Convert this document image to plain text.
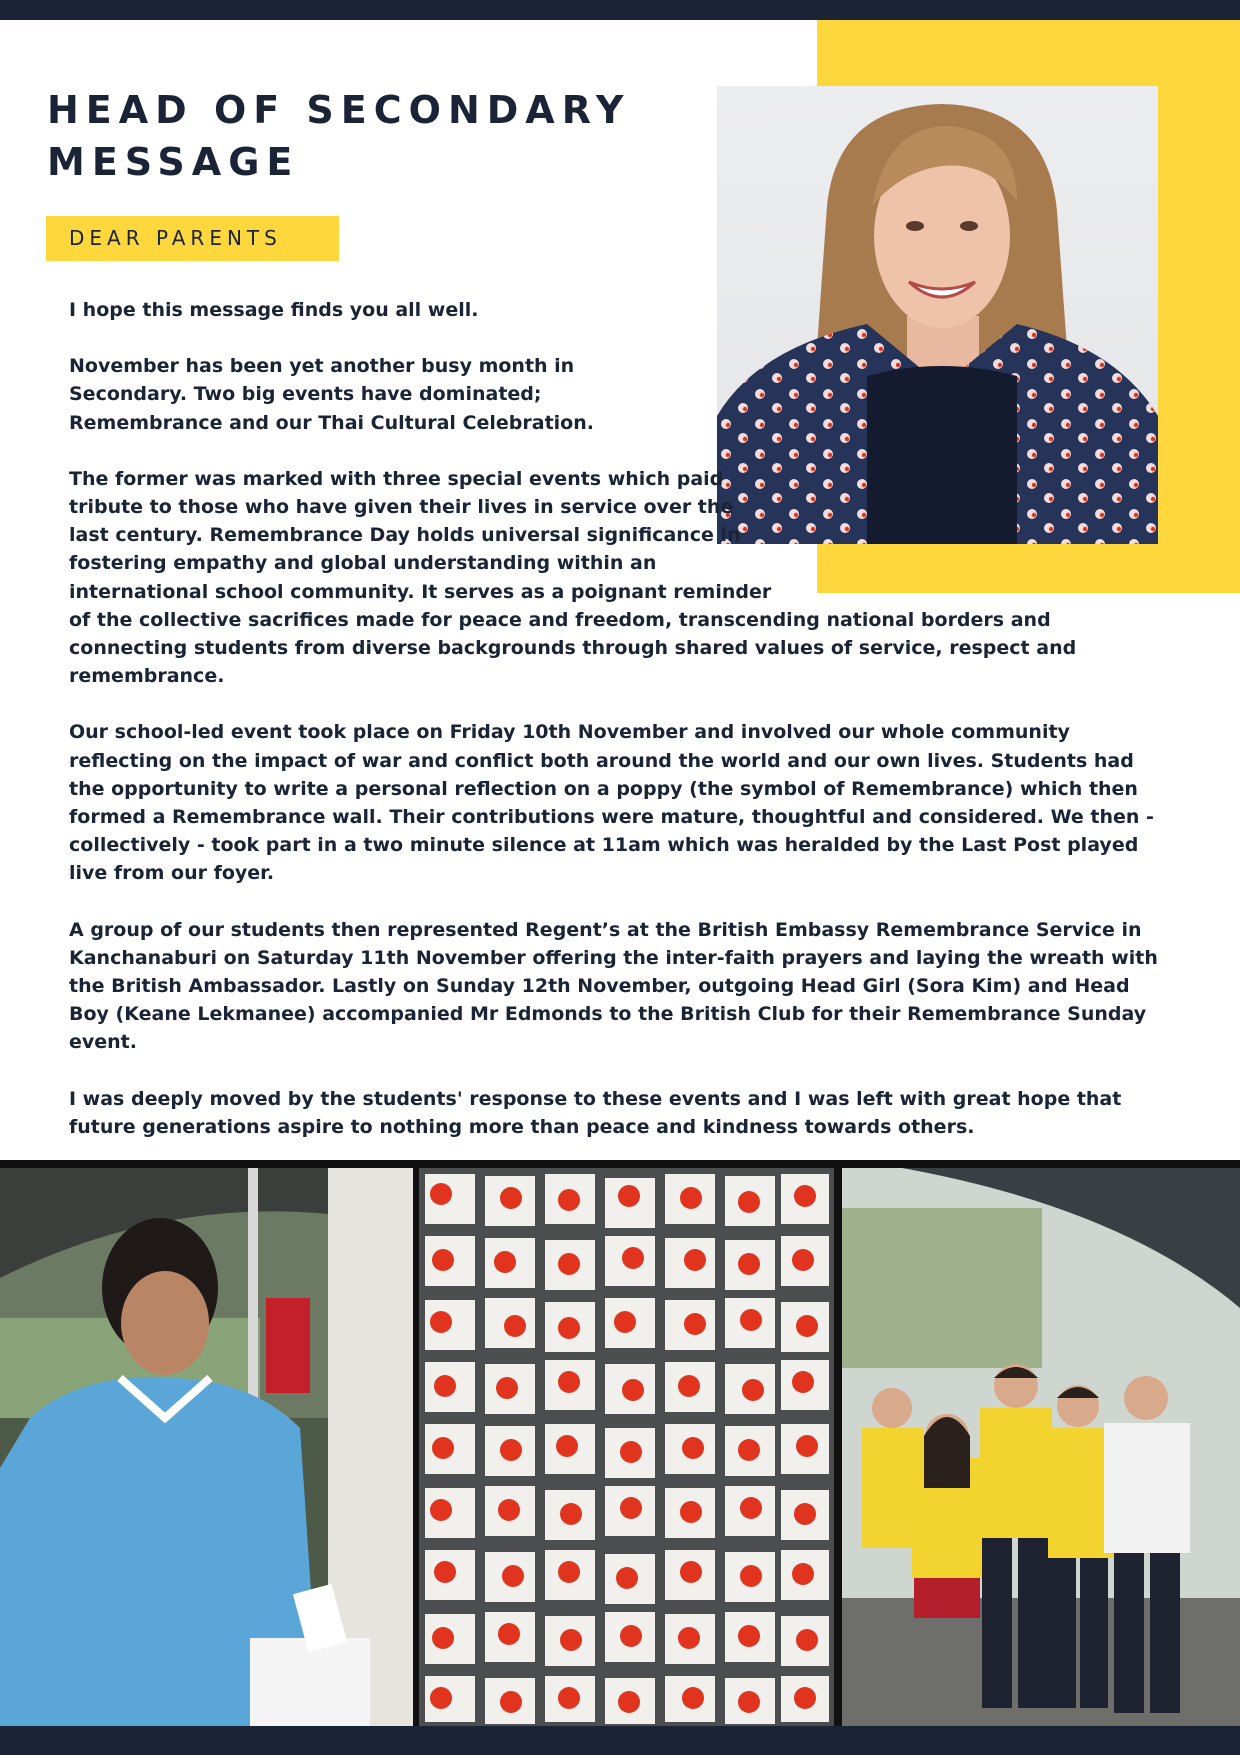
HEAD OF SECONDARY
MESSAGE
DEAR PARENTS

I hope this message finds you all well.

November has been yet another busy month in Secondary. Two big events have dominated; Remembrance and our Thai Cultural Celebration.

The former was marked with three special events which paid tribute to those who have given their lives in service over the last century. Remembrance Day holds universal significance in fostering empathy and global understanding within an international school community. It serves as a poignant reminder of the collective sacrifices made for peace and freedom, transcending national borders and connecting students from diverse backgrounds through shared values of service, respect and remembrance.

Our school-led event took place on Friday 10th November and involved our whole community reflecting on the impact of war and conflict both around the world and our own lives. Students had the opportunity to write a personal reflection on a poppy (the symbol of Remembrance) which then formed a Remembrance wall. Their contributions were mature, thoughtful and considered. We then - collectively - took part in a two minute silence at 11am which was heralded by the Last Post played live from our foyer.

A group of our students then represented Regent’s at the British Embassy Remembrance Service in Kanchanaburi on Saturday 11th November offering the inter-faith prayers and laying the wreath with the British Ambassador. Lastly on Sunday 12th November, outgoing Head Girl (Sora Kim) and Head Boy (Keane Lekmanee) accompanied Mr Edmonds to the British Club for their Remembrance Sunday event.

I was deeply moved by the students' response to these events and I was left with great hope that future generations aspire to nothing more than peace and kindness towards others.
